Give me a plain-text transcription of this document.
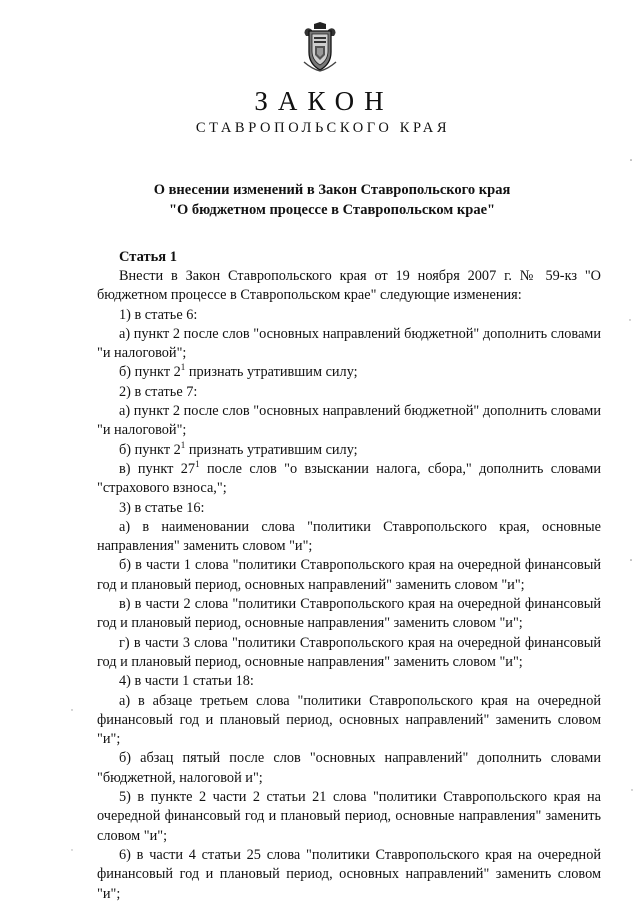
ЗАКОН
СТАВРОПОЛЬСКОГО КРАЯ
О внесении изменений в Закон Ставропольского края
"О бюджетном процессе в Ставропольском крае"
Статья 1

Внести в Закон Ставропольского края от 19 ноября 2007 г. № 59-кз "О бюджетном процессе в Ставропольском крае" следующие изменения:

1) в статье 6:

а) пункт 2 после слов "основных направлений бюджетной" дополнить словами "и налоговой";

б) пункт $2^1$ признать утратившим силу;

2) в статье 7:

а) пункт 2 после слов "основных направлений бюджетной" дополнить словами "и налоговой";

б) пункт $2^1$ признать утратившим силу;

в) пункт $27^1$ после слов "о взыскании налога, сбора," дополнить словами "страхового взноса,";

3) в статье 16:

а) в наименовании слова "политики Ставропольского края, основные направления" заменить словом "и";

б) в части 1 слова "политики Ставропольского края на очередной финансовый год и плановый период, основных направлений" заменить словом "и";

в) в части 2 слова "политики Ставропольского края на очередной финансовый год и плановый период, основные направления" заменить словом "и";

г) в части 3 слова "политики Ставропольского края на очередной финансовый год и плановый период, основные направления" заменить словом "и";

4) в части 1 статьи 18:

а) в абзаце третьем слова "политики Ставропольского края на очередной финансовый год и плановый период, основных направлений" заменить словом "и";

б) абзац пятый после слов "основных направлений" дополнить словами "бюджетной, налоговой и";

5) в пункте 2 части 2 статьи 21 слова "политики Ставропольского края на очередной финансовый год и плановый период, основные направления" заменить словом "и";

6) в части 4 статьи 25 слова "политики Ставропольского края на очередной финансовый год и плановый период, основных направлений" заменить словом "и";
